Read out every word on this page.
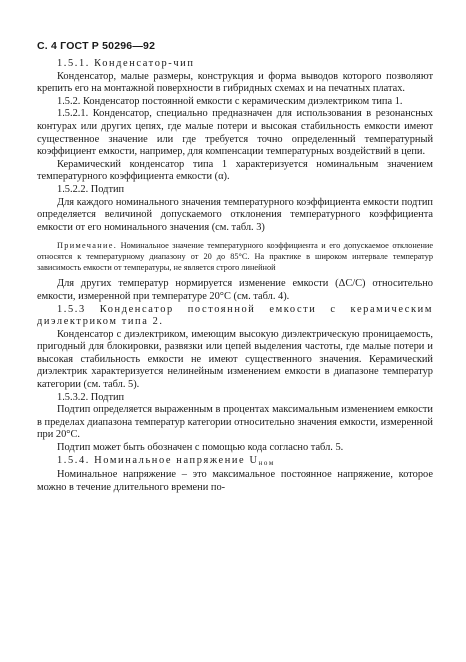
С. 4 ГОСТ Р 50296—92

1.5.1. Конденсатор-чип

Конденсатор, малые размеры, конструкция и форма выводов которого позволяют крепить его на монтажной поверхности в гибридных схемах и на печатных платах.

1.5.2. Конденсатор постоянной емкости с керамическим диэлектриком типа 1.

1.5.2.1. Конденсатор, специально предназначен для использования в резонансных контурах или других цепях, где малые потери и высокая стабильность емкости имеют существенное значение или где требуется точно определенный температурный коэффициент емкости, например, для компенсации температурных воздействий в цепи.

Керамический конденсатор типа 1 характеризуется номинальным значением температурного коэффициента емкости (α).

1.5.2.2. Подтип

Для каждого номинального значения температурного коэффициента емкости подтип определяется величиной допускаемого отклонения температурного коэффициента емкости от его номинального значения (см. табл. 3)

Примечание. Номинальное значение температурного коэффициента и его допускаемое отклонение относятся к температурному диапазону от 20 до 85°С. На практике в широком интервале температур зависимость емкости от температуры, не является строго линейной

Для других температур нормируется изменение емкости (ΔС/С) относительно емкости, измеренной при температуре 20°С (см. табл. 4).

1.5.3 Конденсатор постоянной емкости с керамическим диэлектриком типа 2.

Конденсатор с диэлектриком, имеющим высокую диэлектрическую проницаемость, пригодный для блокировки, развязки или цепей выделения частоты, где малые потери и высокая стабильность емкости не имеют существенного значения. Керамический диэлектрик характеризуется нелинейным изменением емкости в диапазоне температур категории (см. табл. 5).

1.5.3.2. Подтип

Подтип определяется выраженным в процентах максимальным изменением емкости в пределах диапазона температур категории относительно значения емкости, измеренной при 20°С.

Подтип может быть обозначен с помощью кода согласно табл. 5.

1.5.4. Номинальное напряжение $U_{ном}$

Номинальное напряжение – это максимальное постоянное напряжение, которое можно в течение длительного времени по-
